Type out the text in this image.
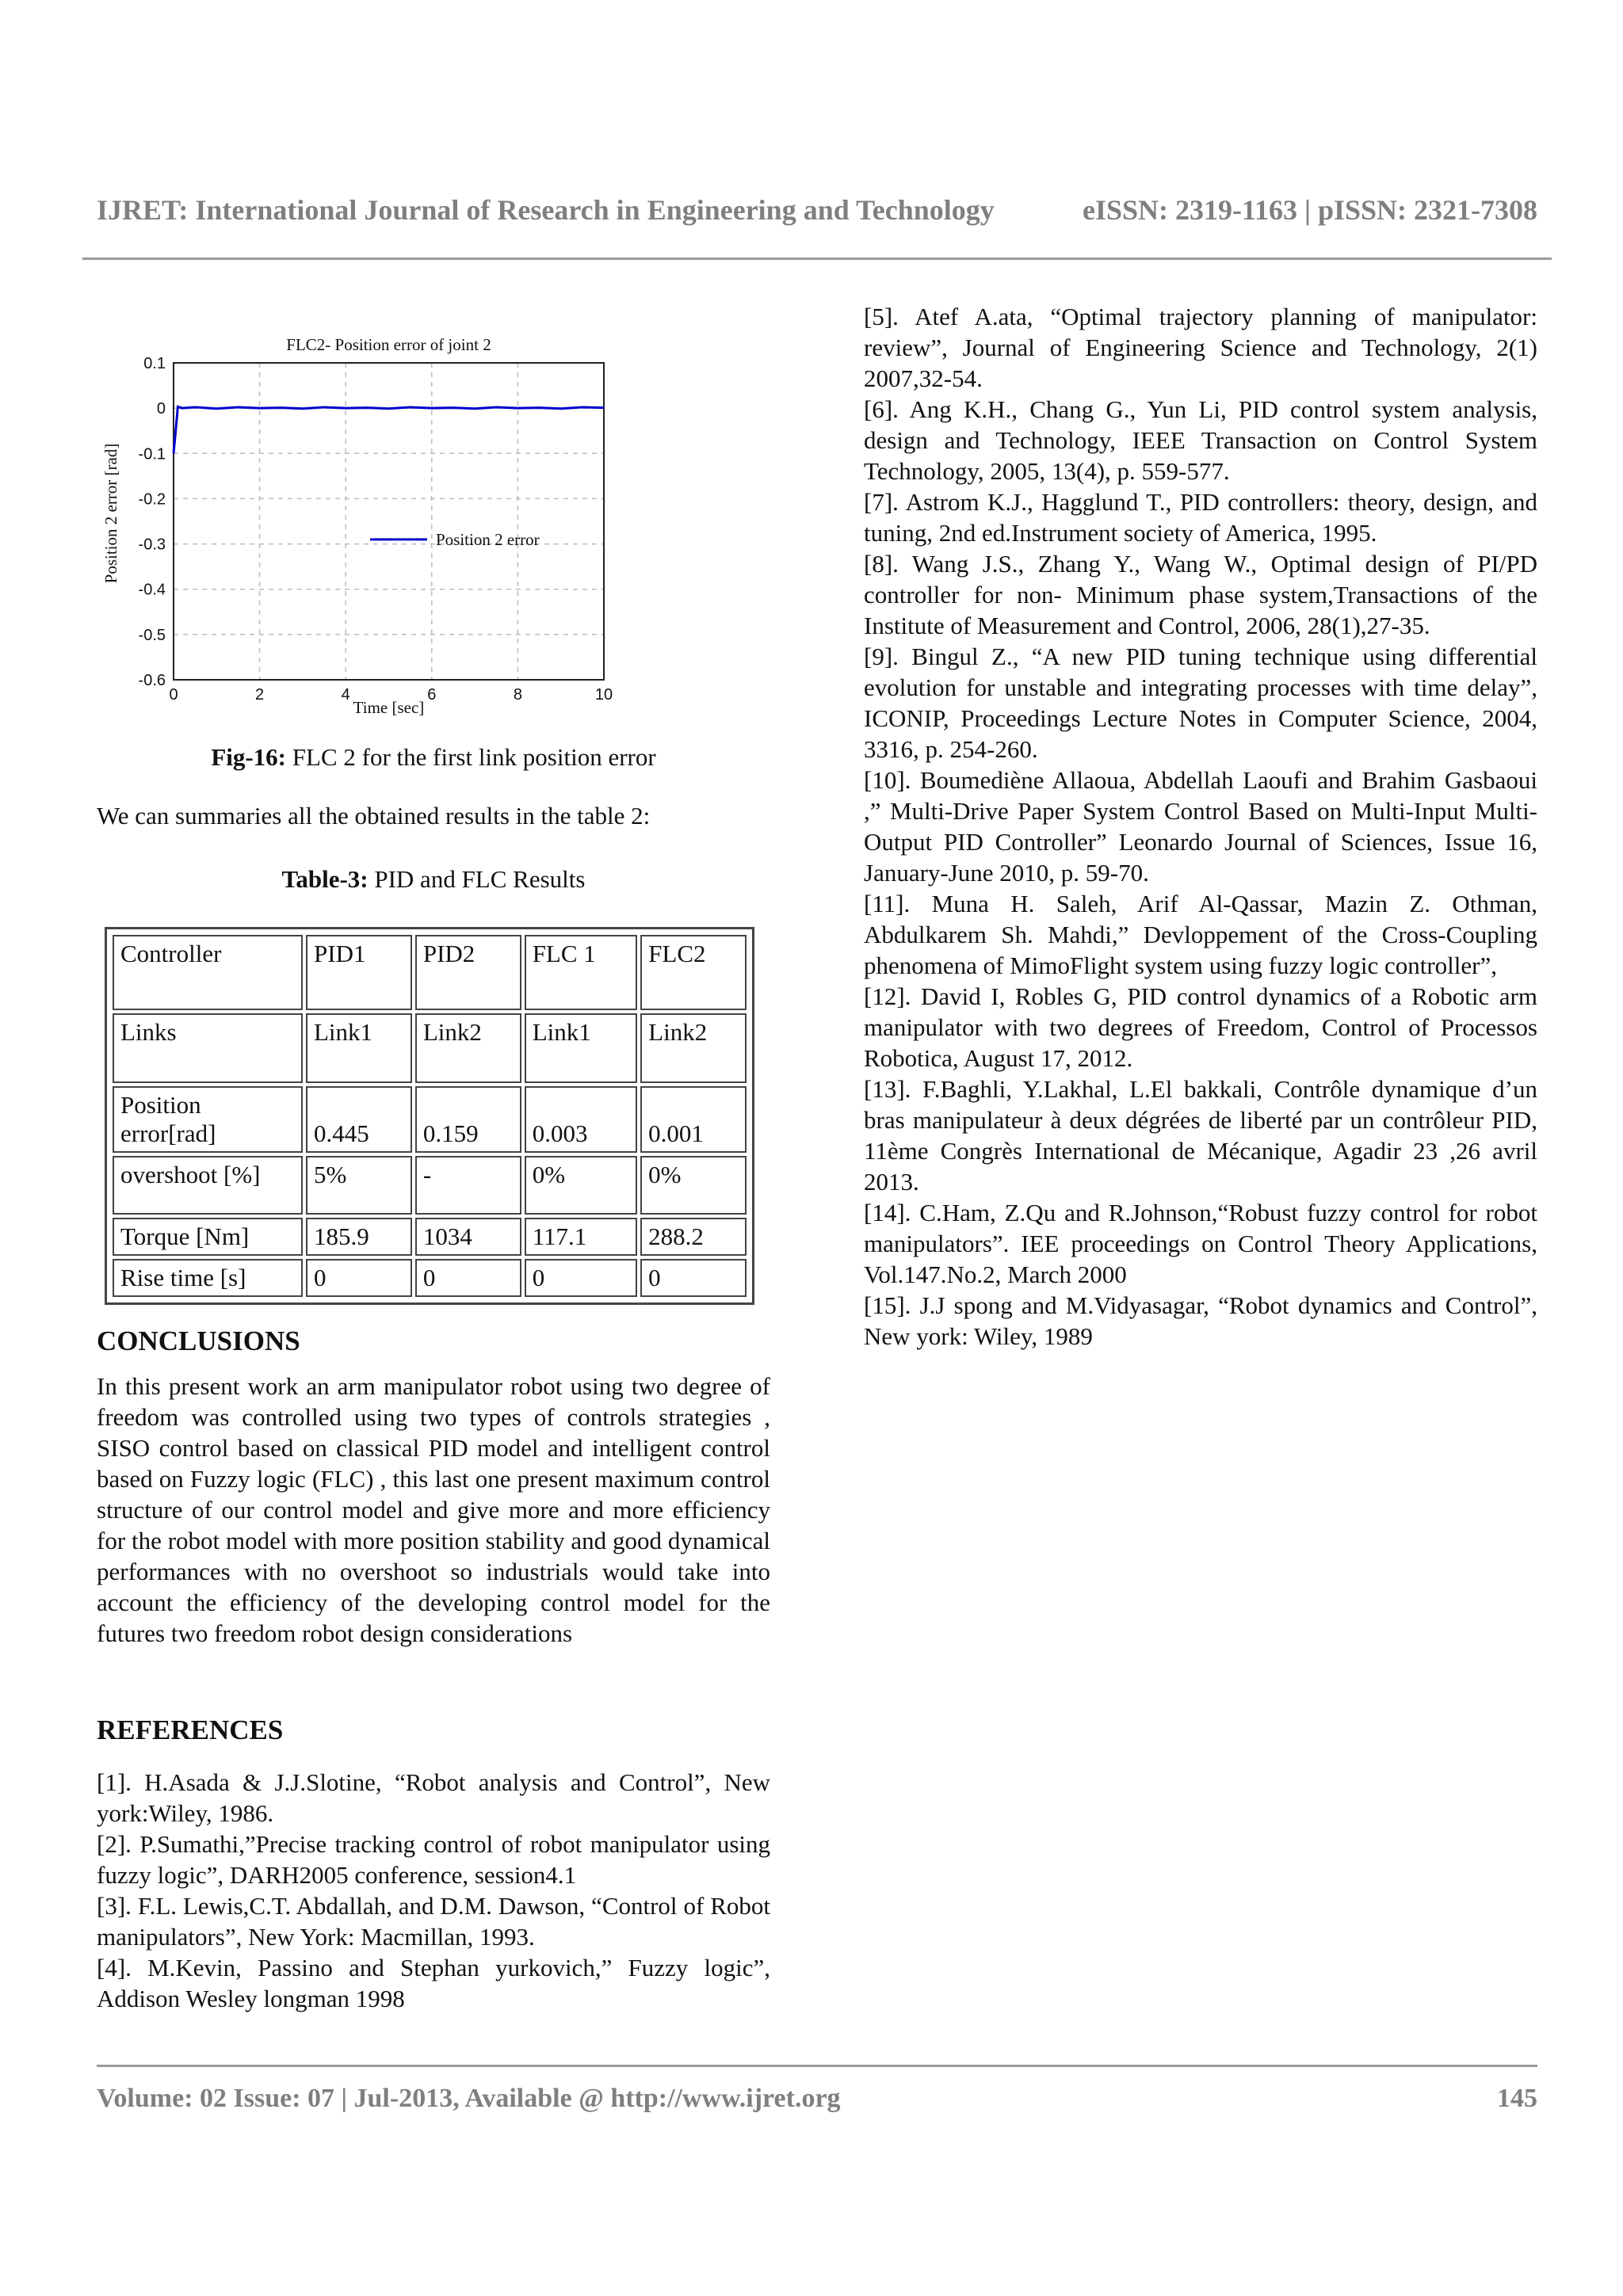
IJRET: International Journal of Research in Engineering and Technology	eISSN: 2319-1163 | pISSN: 2321-7308
0	2	4	6	8	10
0.1
0
-0.1
-0.2
-0.3
-0.4
-0.5
-0.6
FLC2- Position error of joint 2
Time [sec]
Position 2 error [rad]	Position 2 error
Fig-16: FLC 2 for the first link position error
We can summaries all the obtained results in the table 2:
Table-3: PID and FLC Results
Controller	PID1	PID2	FLC 1	FLC2
Links	Link1	Link2	Link1	Link2
Position error[rad]	0.445	0.159	0.003	0.001
overshoot [%]	5%	-	0%	0%
Torque [Nm]	185.9	1034	117.1	288.2
Rise time [s]	0	0	0	0
CONCLUSIONS
In this present work an arm manipulator robot using two degree of freedom was controlled using two types of controls strategies , SISO control based on classical PID model and intelligent control based on Fuzzy logic (FLC) , this last one present maximum control structure of our control model and give more and more efficiency for the robot model with more position stability and good dynamical performances with no overshoot so industrials would take into account the efficiency of the developing control model for the futures two freedom robot design considerations
REFERENCES

[1]. H.Asada & J.J.Slotine, “Robot analysis and Control”, New york:Wiley, 1986.

[2]. P.Sumathi,”Precise tracking control of robot manipulator using fuzzy logic”, DARH2005 conference, session4.1

[3]. F.L. Lewis,C.T. Abdallah, and D.M. Dawson, “Control of Robot manipulators”, New York: Macmillan, 1993.

[4]. M.Kevin, Passino and Stephan yurkovich,” Fuzzy logic”, Addison Wesley longman 1998

[5]. Atef A.ata, “Optimal trajectory planning of manipulator: review”, Journal of Engineering Science and Technology, 2(1) 2007,32-54.

[6]. Ang K.H., Chang G., Yun Li, PID control system analysis, design and Technology, IEEE Transaction on Control System Technology, 2005, 13(4), p. 559-577.

[7]. Astrom K.J., Hagglund T., PID controllers: theory, design, and tuning, 2nd ed.Instrument society of America, 1995.

[8]. Wang J.S., Zhang Y., Wang W., Optimal design of PI/PD controller for non- Minimum phase system,Transactions of the Institute of Measurement and Control, 2006, 28(1),27-35.

[9]. Bingul Z., “A new PID tuning technique using differential evolution for unstable and integrating processes with time delay”, ICONIP, Proceedings Lecture Notes in Computer Science, 2004, 3316, p. 254-260.

[10]. Boumediène Allaoua, Abdellah Laoufi and Brahim Gasbaoui ,” Multi-Drive Paper System Control Based on Multi-Input Multi-Output PID Controller” Leonardo Journal of Sciences, Issue 16, January-June 2010, p. 59-70.

[11]. Muna H. Saleh, Arif Al-Qassar, Mazin Z. Othman, Abdulkarem Sh. Mahdi,” Devloppement of the Cross-Coupling phenomena of MimoFlight system using fuzzy logic controller”,

[12]. David I, Robles G, PID control dynamics of a Robotic arm manipulator with two degrees of Freedom, Control of Processos Robotica, August 17, 2012.

[13]. F.Baghli, Y.Lakhal, L.El bakkali, Contrôle dynamique d’un bras manipulateur à deux dégrées de liberté par un contrôleur PID, 11ème Congrès International de Mécanique, Agadir 23 ,26 avril 2013.

[14]. C.Ham, Z.Qu and R.Johnson,“Robust fuzzy control for robot manipulators”. IEE proceedings on Control Theory Applications, Vol.147.No.2, March 2000

[15]. J.J spong and M.Vidyasagar, “Robot dynamics and Control”, New york: Wiley, 1989

Volume: 02 Issue: 07 | Jul-2013, Available @ http://www.ijret.org	145
